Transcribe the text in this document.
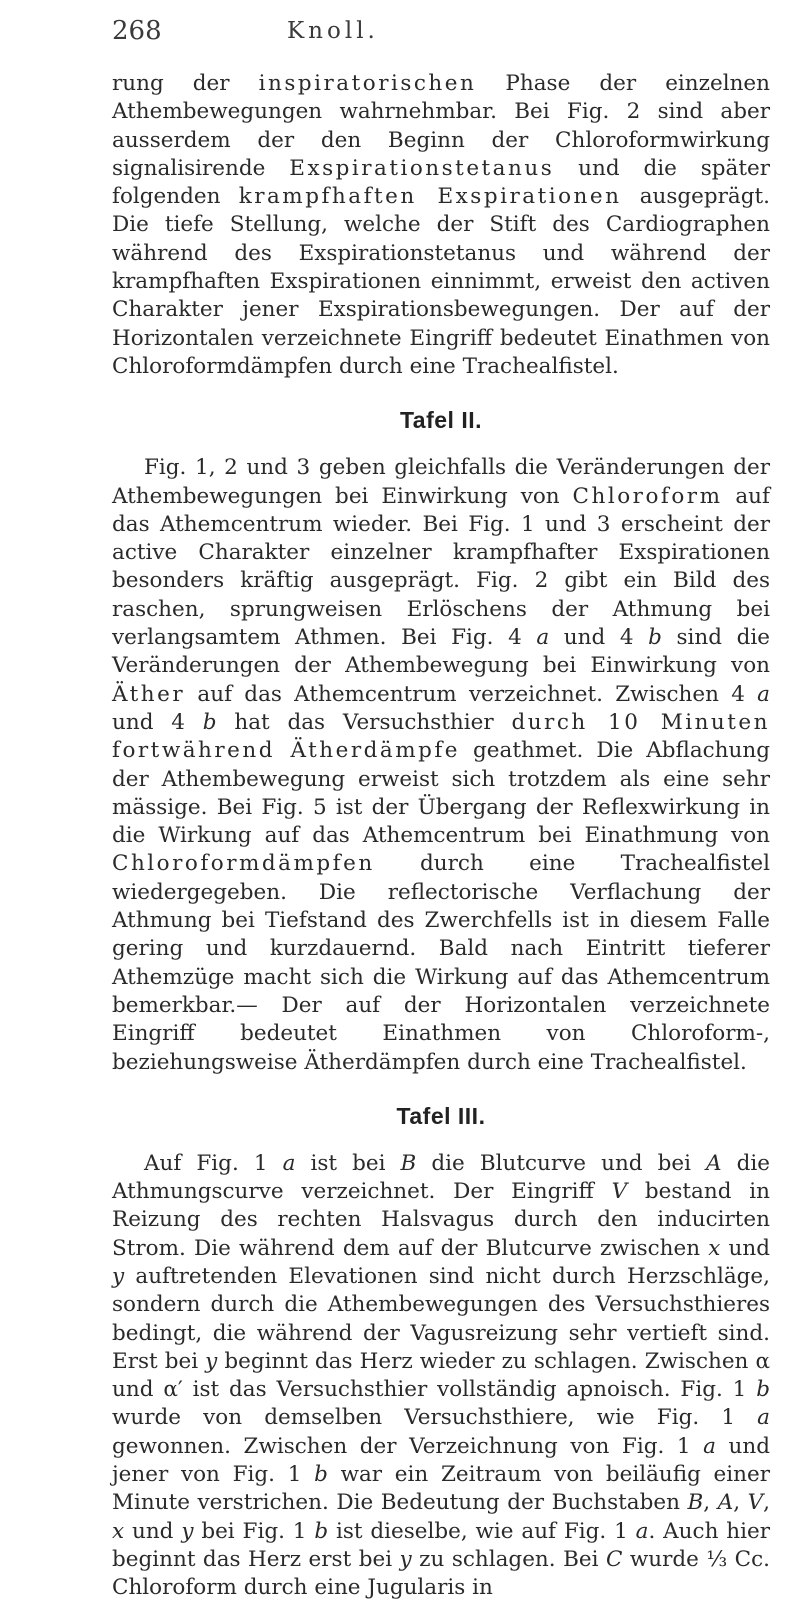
268	Knoll.

rung der inspiratorischen Phase der einzelnen Athembewegungen wahrnehmbar. Bei Fig. 2 sind aber ausserdem der den Beginn der Chloroformwirkung signalisirende Exspirationstetanus und die später folgenden krampfhaften Exspirationen ausgeprägt. Die tiefe Stellung, welche der Stift des Cardiographen während des Exspirationstetanus und während der krampfhaften Exspirationen einnimmt, erweist den activen Charakter jener Exspirationsbewegungen. Der auf der Horizontalen verzeichnete Eingriff bedeutet Einathmen von Chloroformdämpfen durch eine Trachealfistel.

Tafel II.

Fig. 1, 2 und 3 geben gleichfalls die Veränderungen der Athembewegungen bei Einwirkung von Chloroform auf das Athemcentrum wieder. Bei Fig. 1 und 3 erscheint der active Charakter einzelner krampfhafter Exspirationen besonders kräftig ausgeprägt. Fig. 2 gibt ein Bild des raschen, sprungweisen Erlöschens der Athmung bei verlangsamtem Athmen. Bei Fig. 4 a und 4 b sind die Veränderungen der Athembewegung bei Einwirkung von Äther auf das Athemcentrum verzeichnet. Zwischen 4 a und 4 b hat das Versuchsthier durch 10 Minuten fortwährend Ätherdämpfe geathmet. Die Abflachung der Athembewegung erweist sich trotzdem als eine sehr mässige. Bei Fig. 5 ist der Übergang der Reflexwirkung in die Wirkung auf das Athemcentrum bei Einathmung von Chloroformdämpfen durch eine Trachealfistel wiedergegeben. Die reflectorische Verflachung der Athmung bei Tiefstand des Zwerchfells ist in diesem Falle gering und kurzdauernd. Bald nach Eintritt tieferer Athemzüge macht sich die Wirkung auf das Athemcentrum bemerkbar.— Der auf der Horizontalen verzeichnete Eingriff bedeutet Einathmen von Chloroform-, beziehungsweise Ätherdämpfen durch eine Trachealfistel.

Tafel III.

Auf Fig. 1 a ist bei B die Blutcurve und bei A die Athmungscurve verzeichnet. Der Eingriff V bestand in Reizung des rechten Halsvagus durch den inducirten Strom. Die während dem auf der Blutcurve zwischen x und y auftretenden Elevationen sind nicht durch Herzschläge, sondern durch die Athembewegungen des Versuchsthieres bedingt, die während der Vagusreizung sehr vertieft sind. Erst bei y beginnt das Herz wieder zu schlagen. Zwischen α und α′ ist das Versuchsthier vollständig apnoisch. Fig. 1 b wurde von demselben Versuchsthiere, wie Fig. 1 a gewonnen. Zwischen der Verzeichnung von Fig. 1 a und jener von Fig. 1 b war ein Zeitraum von beiläufig einer Minute verstrichen. Die Bedeutung der Buchstaben B, A, V, x und y bei Fig. 1 b ist dieselbe, wie auf Fig. 1 a. Auch hier beginnt das Herz erst bei y zu schlagen. Bei C wurde ⅓ Cc. Chloroform durch eine Jugularis in
